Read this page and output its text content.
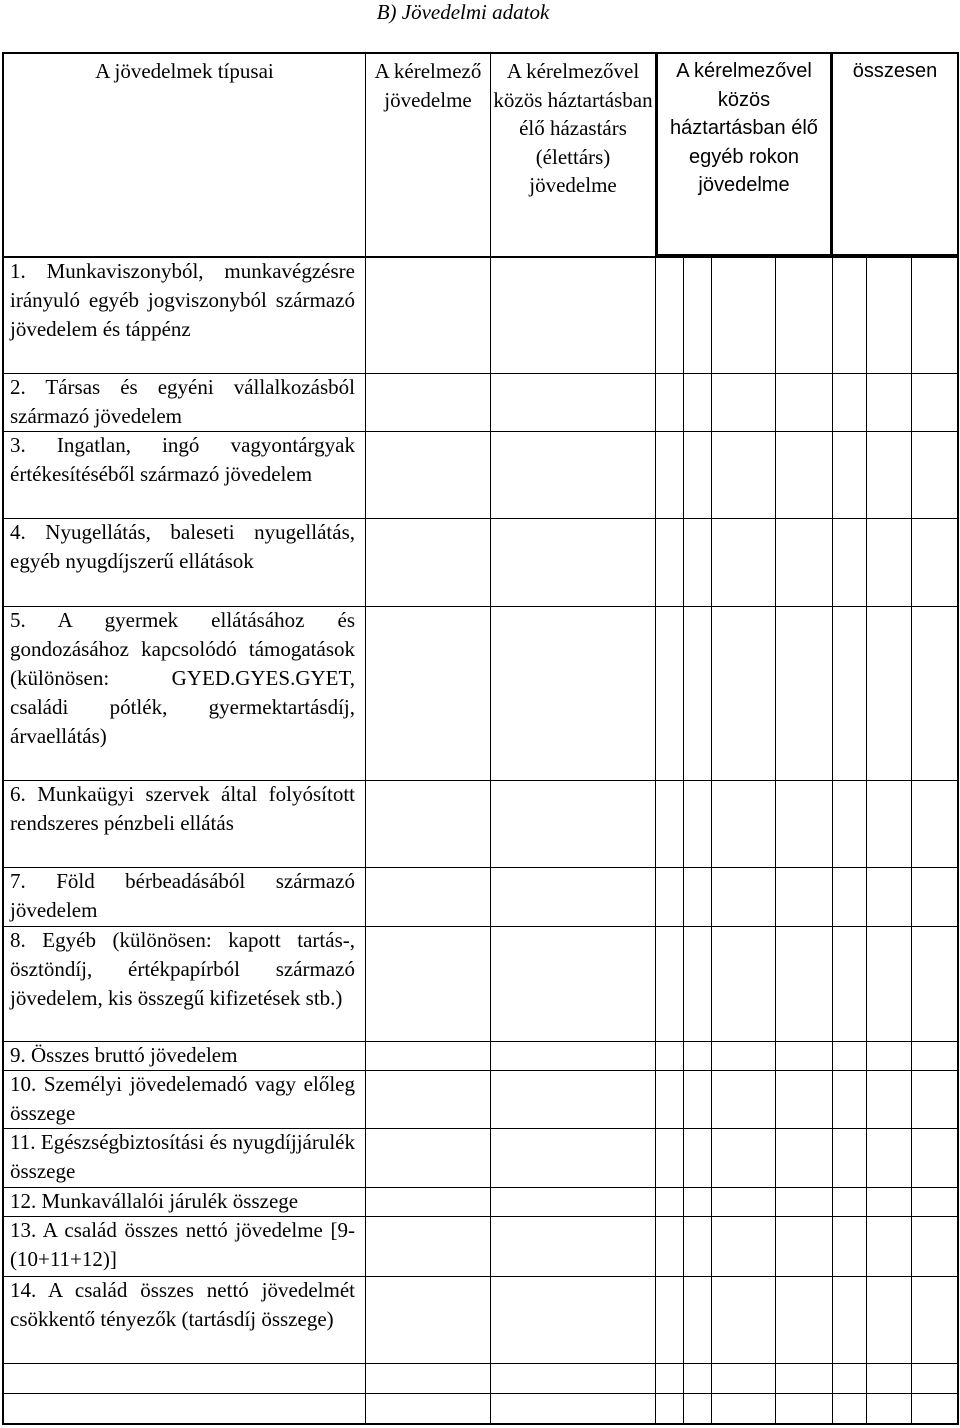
B) Jövedelmi adatok
A jövedelmek típusai	A kérelmező jövedelme
A kérelmezővel közös háztartásban élő házastárs (élettárs) jövedelme
A kérelmezővel közös háztartásban élő egyéb rokon jövedelme
összesen
1. Munkaviszonyból, munkavégzésre irányuló egyéb jogviszonyból származó jövedelem és táppénz
2. Társas és egyéni vállalkozásból származó jövedelem
3. Ingatlan, ingó vagyontárgyak értékesítéséből származó jövedelem
4. Nyugellátás, baleseti nyugellátás, egyéb nyugdíjszerű ellátások
5. A gyermek ellátásához és gondozásához kapcsolódó támogatások (különösen: GYED.GYES.GYET, családi pótlék, gyermektartásdíj, árvaellátás)
6. Munkaügyi szervek által folyósított rendszeres pénzbeli ellátás
7. Föld bérbeadásából származó jövedelem
8. Egyéb (különösen: kapott tartás-, ösztöndíj, értékpapírból származó jövedelem, kis összegű kifizetések stb.)
9. Összes bruttó jövedelem
10. Személyi jövedelemadó vagy előleg összege
11. Egészségbiztosítási és nyugdíjjárulék összege
12. Munkavállalói járulék összege
13. A család összes nettó jövedelme [9-(10+11+12)]
14. A család összes nettó jövedelmét csökkentő tényezők (tartásdíj összege)
